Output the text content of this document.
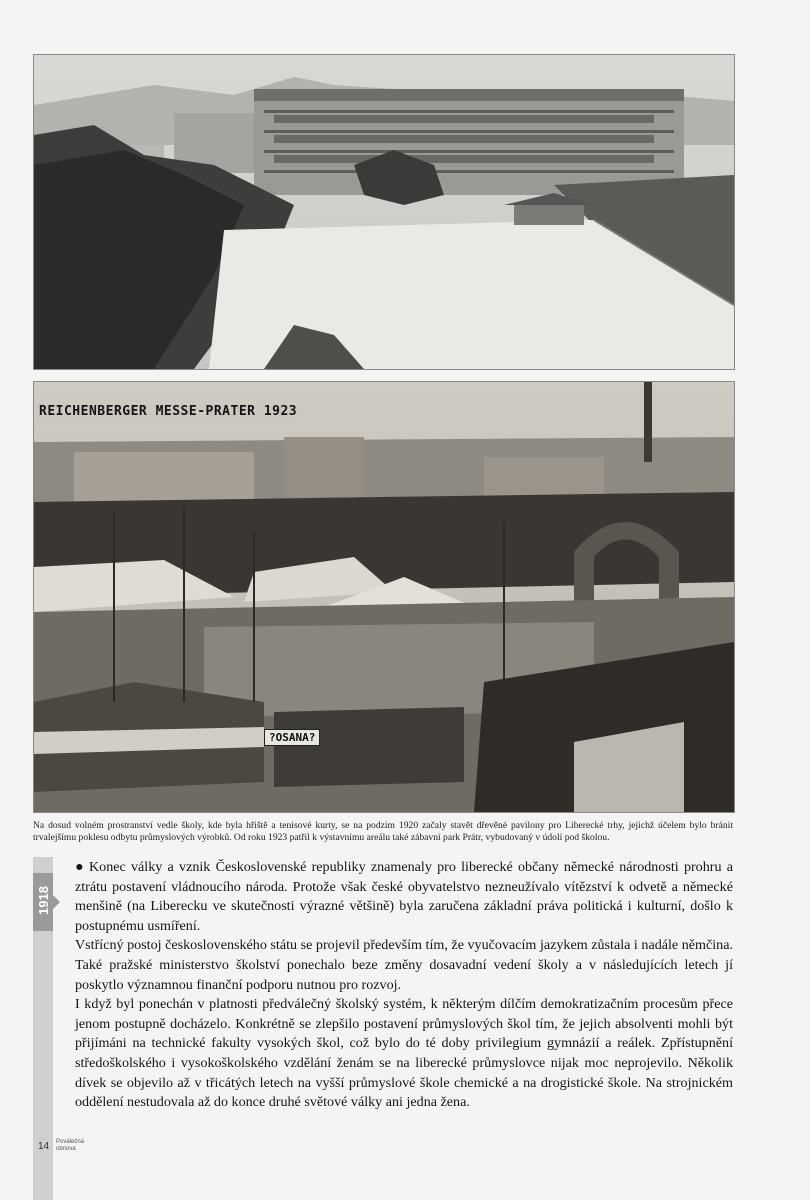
REICHENBERGER MESSE-PRATER 1923
?OSANA?
Na dosud volném prostranství vedle školy, kde byla hřiště a tenisové kurty, se na podzim 1920 začaly stavět dřevěné pavilony pro Liberecké trhy, jejichž účelem bylo bránit trvalejšímu poklesu odbytu průmyslových výrobků. Od roku 1923 patřil k výstavnímu areálu také zábavní park Prátr, vybudovaný v údolí pod školou.
1918

● Konec války a vznik Československé republiky znamenaly pro liberecké občany německé národnosti prohru a ztrátu postavení vládnoucího národa. Protože však české obyvatelstvo nezneužívalo vítězství k odvetě a německé menšině (na Liberecku ve skutečnosti výrazné většině) byla zaručena základní práva politická i kulturní, došlo k postupnému usmíření.

Vstřícný postoj československého státu se projevil především tím, že vyučovacím jazykem zůstala i nadále němčina. Také pražské ministerstvo školství ponechalo beze změny dosavadní vedení školy a v následujících letech jí poskytlo významnou finanční podporu nutnou pro rozvoj.

I když byl ponechán v platnosti předválečný školský systém, k některým dílčím demokratizačním procesům přece jenom postupně docházelo. Konkrétně se zlepšilo postavení průmyslových škol tím, že jejich absolventi mohli být přijímáni na technické fakulty vysokých škol, což bylo do té doby privilegium gymnázií a reálek. Zpřístupnění středoškolského i vysokoškolského vzdělání ženám se na liberecké průmyslovce nijak moc neprojevilo. Několik dívek se objevilo až v třicátých letech na vyšší průmyslové škole chemické a na drogistické škole. Na strojnickém oddělení nestudovala až do konce druhé světové války ani jedna žena.

14 Poválečná obnova
